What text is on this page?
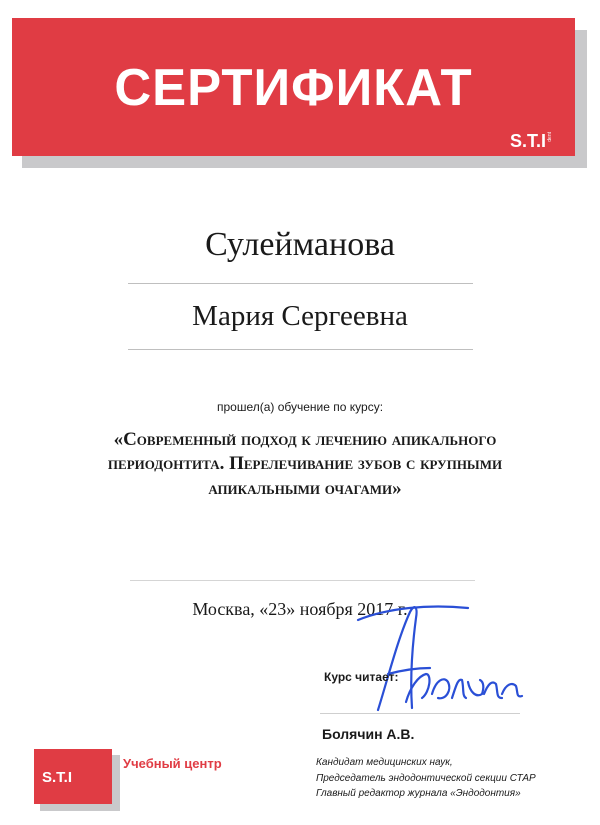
СЕРТИФИКАТ
S.T.Ident
Сулейманова
Мария Сергеевна
прошел(а) обучение по курсу:
«Современный подход к лечению апикального
периодонтита. Перелечивание зубов с крупными
апикальными очагами»
Москва, «23» ноября 2017 г.
Курс читает:
Болячин А.В.
Кандидат медицинских наук,
Председатель эндодонтической секции СТАР
Главный редактор журнала «Эндодонтия»
S.T.I
Учебный центр
